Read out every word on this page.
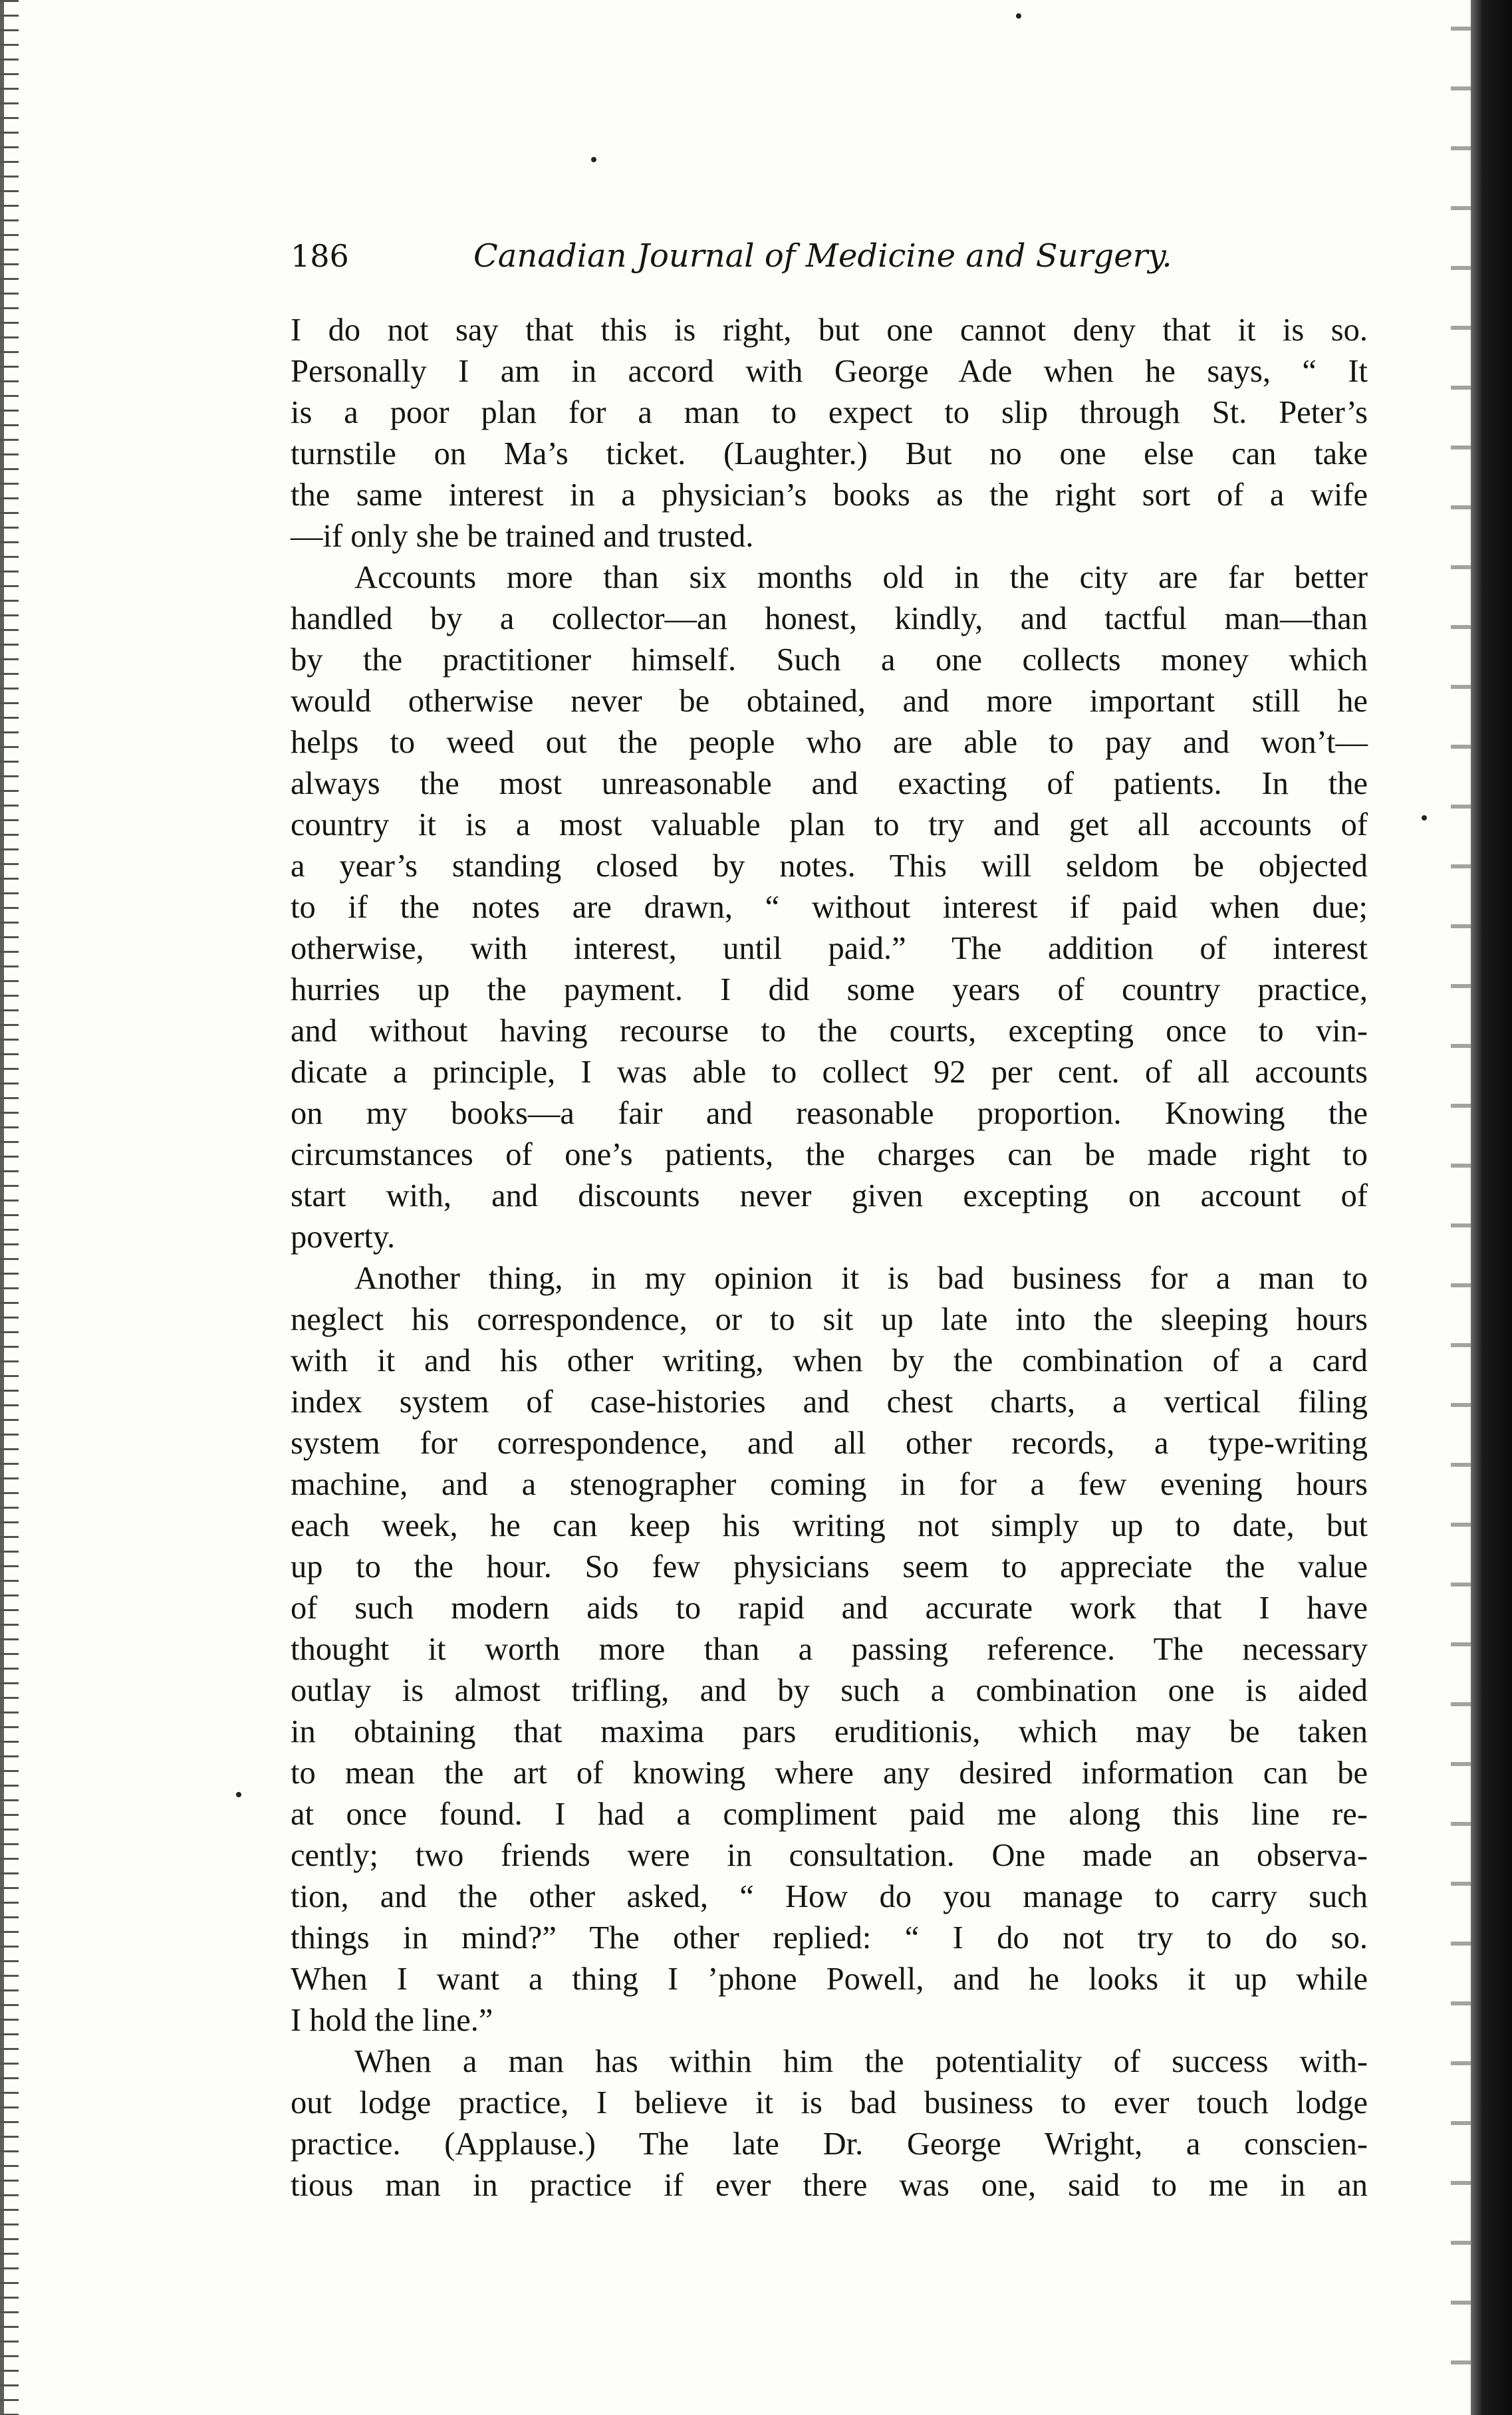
186	Canadian Journal of Medicine and Surgery.
I do not say that this is right, but one cannot deny that it is so.
Personally I am in accord with George Ade when he says, “ It
is a poor plan for a man to expect to slip through St. Peter’s
turnstile on Ma’s ticket. (Laughter.) But no one else can take
the same interest in a physician’s books as the right sort of a wife
—if only she be trained and trusted.
Accounts more than six months old in the city are far better
handled by a collector—an honest, kindly, and tactful man—than
by the practitioner himself. Such a one collects money which
would otherwise never be obtained, and more important still he
helps to weed out the people who are able to pay and won’t—
always the most unreasonable and exacting of patients. In the
country it is a most valuable plan to try and get all accounts of
a year’s standing closed by notes. This will seldom be objected
to if the notes are drawn, “ without interest if paid when due;
otherwise, with interest, until paid.” The addition of interest
hurries up the payment. I did some years of country practice,
and without having recourse to the courts, excepting once to vin-
dicate a principle, I was able to collect 92 per cent. of all accounts
on my books—a fair and reasonable proportion. Knowing the
circumstances of one’s patients, the charges can be made right to
start with, and discounts never given excepting on account of
poverty.
Another thing, in my opinion it is bad business for a man to
neglect his correspondence, or to sit up late into the sleeping hours
with it and his other writing, when by the combination of a card
index system of case-histories and chest charts, a vertical filing
system for correspondence, and all other records, a type-writing
machine, and a stenographer coming in for a few evening hours
each week, he can keep his writing not simply up to date, but
up to the hour. So few physicians seem to appreciate the value
of such modern aids to rapid and accurate work that I have
thought it worth more than a passing reference. The necessary
outlay is almost trifling, and by such a combination one is aided
in obtaining that maxima pars eruditionis, which may be taken
to mean the art of knowing where any desired information can be
at once found. I had a compliment paid me along this line re-
cently; two friends were in consultation. One made an observa-
tion, and the other asked, “ How do you manage to carry such
things in mind?” The other replied: “ I do not try to do so.
When I want a thing I ’phone Powell, and he looks it up while
I hold the line.”
When a man has within him the potentiality of success with-
out lodge practice, I believe it is bad business to ever touch lodge
practice. (Applause.) The late Dr. George Wright, a conscien-
tious man in practice if ever there was one, said to me in an
